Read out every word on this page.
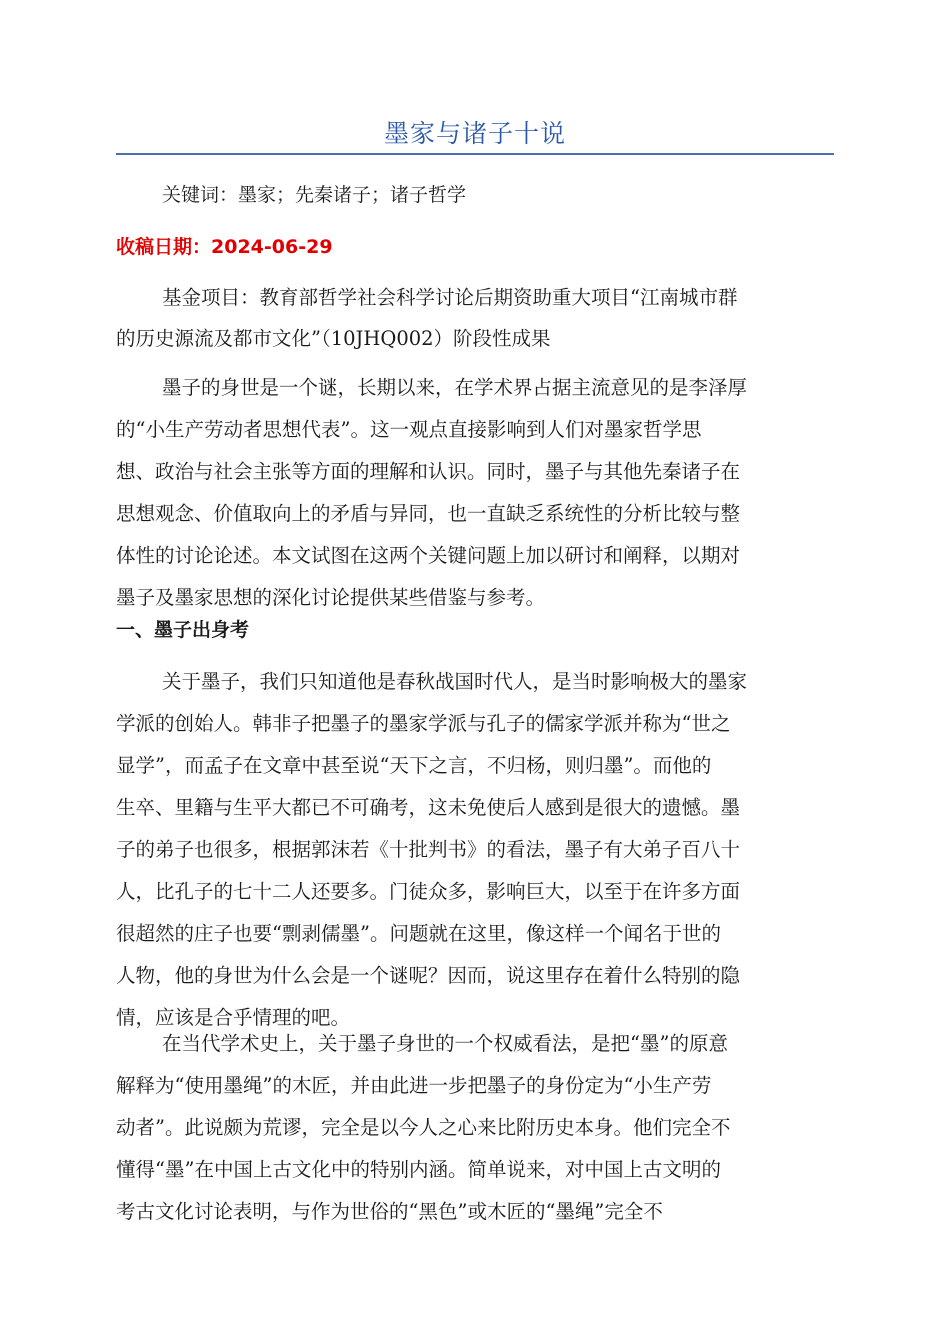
墨家与诸子十说
关键词：墨家；先秦诸子；诸子哲学
收稿日期：2024-06-29
基金项目：教育部哲学社会科学讨论后期资助重大项目“江南城市群
的历史源流及都市文化”（10JHQ002）阶段性成果
墨子的身世是一个谜，长期以来，在学术界占据主流意见的是李泽厚
的“小生产劳动者思想代表”。这一观点直接影响到人们对墨家哲学思
想、政治与社会主张等方面的理解和认识。同时，墨子与其他先秦诸子在
思想观念、价值取向上的矛盾与异同，也一直缺乏系统性的分析比较与整
体性的讨论论述。本文试图在这两个关键问题上加以研讨和阐释，以期对
墨子及墨家思想的深化讨论提供某些借鉴与参考。
一、墨子出身考
关于墨子，我们只知道他是春秋战国时代人，是当时影响极大的墨家
学派的创始人。韩非子把墨子的墨家学派与孔子的儒家学派并称为“世之
显学”，而孟子在文章中甚至说“天下之言，不归杨，则归墨”。而他的
生卒、里籍与生平大都已不可确考，这未免使后人感到是很大的遗憾。墨
子的弟子也很多，根据郭沫若《十批判书》的看法，墨子有大弟子百八十
人，比孔子的七十二人还要多。门徒众多，影响巨大，以至于在许多方面
很超然的庄子也要“剽剥儒墨”。问题就在这里，像这样一个闻名于世的
人物，他的身世为什么会是一个谜呢？因而，说这里存在着什么特别的隐
情，应该是合乎情理的吧。
在当代学术史上，关于墨子身世的一个权威看法，是把“墨”的原意
解释为“使用墨绳”的木匠，并由此进一步把墨子的身份定为“小生产劳
动者”。此说颇为荒谬，完全是以今人之心来比附历史本身。他们完全不
懂得“墨”在中国上古文化中的特别内涵。简单说来，对中国上古文明的
考古文化讨论表明，与作为世俗的“黑色”或木匠的“墨绳”完全不
